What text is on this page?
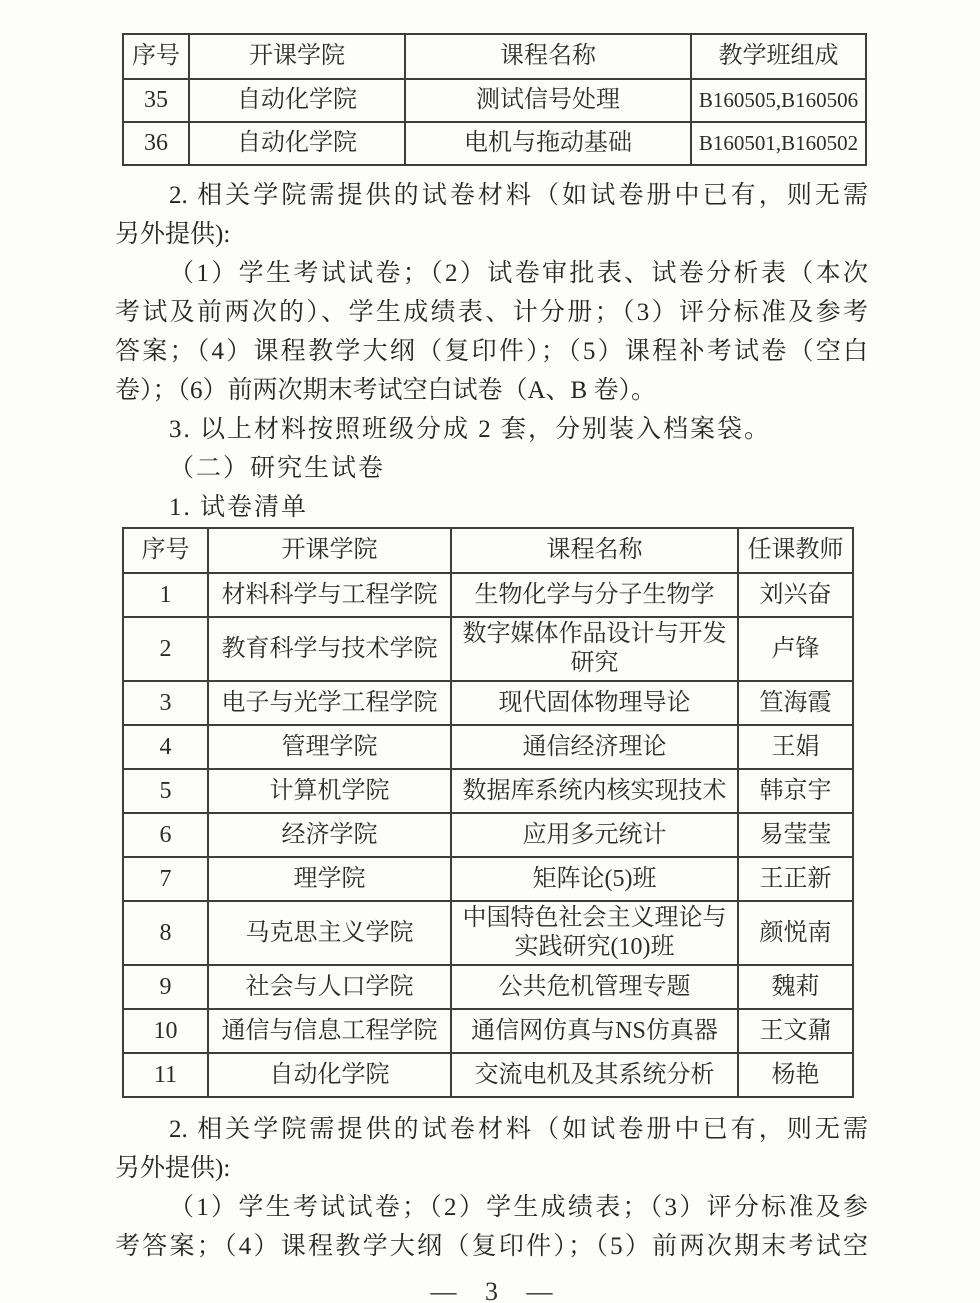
序号	开课学院	课程名称	教学班组成
35	自动化学院	测试信号处理	B160505,B160506
36	自动化学院	电机与拖动基础	B160501,B160502
2. 相关学院需提供的试卷材料（如试卷册中已有，则无需
另外提供):
（1）学生考试试卷；（2）试卷审批表、试卷分析表（本次
考试及前两次的）、学生成绩表、计分册；（3）评分标准及参考
答案；（4）课程教学大纲（复印件）；（5）课程补考试卷（空白
卷）；（6）前两次期末考试空白试卷（A、B 卷）。
3. 以上材料按照班级分成 2 套，分别装入档案袋。
（二）研究生试卷
1. 试卷清单
序号	开课学院	课程名称	任课教师
1	材料科学与工程学院	生物化学与分子生物学	刘兴奋
2	教育科学与技术学院	数字媒体作品设计与开发研究	卢锋
3	电子与光学工程学院	现代固体物理导论	笪海霞
4	管理学院	通信经济理论	王娟
5	计算机学院	数据库系统内核实现技术	韩京宇
6	经济学院	应用多元统计	易莹莹
7	理学院	矩阵论(5)班	王正新
8	马克思主义学院	中国特色社会主义理论与实践研究(10)班	颜悦南
9	社会与人口学院	公共危机管理专题	魏莉
10	通信与信息工程学院	通信网仿真与NS仿真器	王文鼐
11	自动化学院	交流电机及其系统分析	杨艳
2. 相关学院需提供的试卷材料（如试卷册中已有，则无需
另外提供):
（1）学生考试试卷；（2）学生成绩表；（3）评分标准及参
考答案；（4）课程教学大纲（复印件）；（5）前两次期末考试空
— 3 —
